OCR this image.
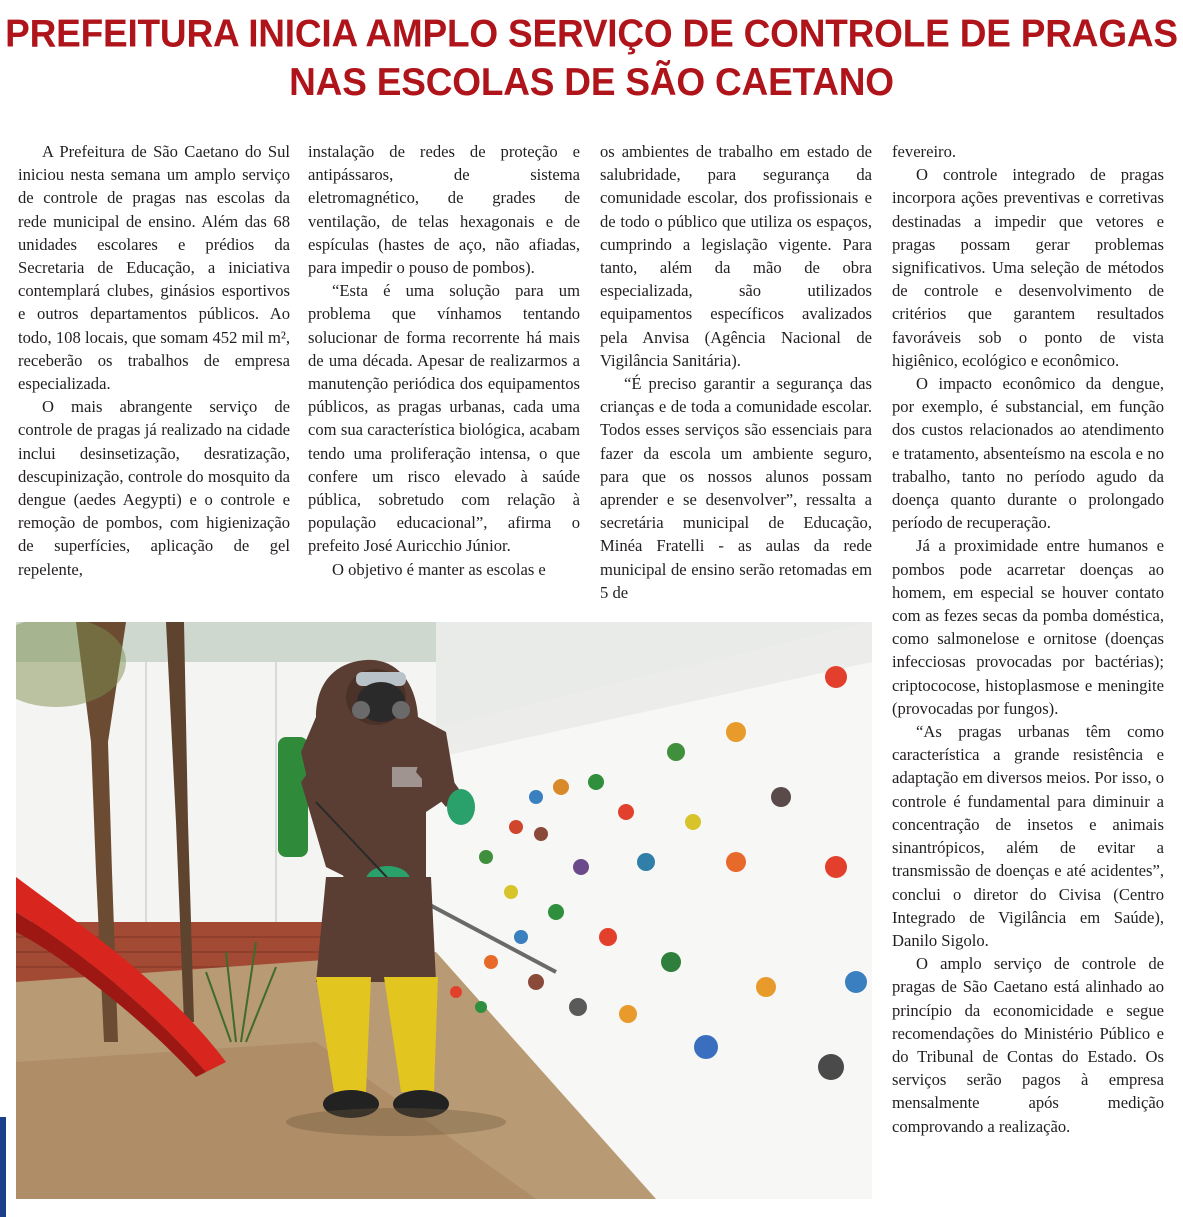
PREFEITURA INICIA AMPLO SERVIÇO DE CONTROLE DE PRAGAS
NAS ESCOLAS DE SÃO CAETANO

A Prefeitura de São Caetano do Sul iniciou nesta semana um amplo serviço de controle de pragas nas escolas da rede municipal de ensino. Além das 68 unidades escolares e prédios da Secretaria de Educação, a iniciativa contemplará clubes, ginásios esportivos e outros departamentos públicos. Ao todo, 108 locais, que somam 452 mil m², receberão os trabalhos de empresa especializada.

O mais abrangente serviço de controle de pragas já realizado na cidade inclui desinsetização, desratização, descupinização, controle do mosquito da dengue (aedes Aegypti) e o controle e remoção de pombos, com higienização de superfícies, aplicação de gel repelente,

instalação de redes de proteção e antipássaros, de sistema eletromagnético, de grades de ventilação, de telas hexagonais e de espículas (hastes de aço, não afiadas, para impedir o pouso de pombos).

“Esta é uma solução para um problema que vínhamos tentando solucionar de forma recorrente há mais de uma década. Apesar de realizarmos a manutenção periódica dos equipamentos públicos, as pragas urbanas, cada uma com sua característica biológica, acabam tendo uma proliferação intensa, o que confere um risco elevado à saúde pública, sobretudo com relação à população educacional”, afirma o prefeito José Auricchio Júnior.

O objetivo é manter as escolas e

os ambientes de trabalho em estado de salubridade, para segurança da comunidade escolar, dos profissionais e de todo o público que utiliza os espaços, cumprindo a legislação vigente. Para tanto, além da mão de obra especializada, são utilizados equipamentos específicos avalizados pela Anvisa (Agência Nacional de Vigilância Sanitária).

“É preciso garantir a segurança das crianças e de toda a comunidade escolar. Todos esses serviços são essenciais para fazer da escola um ambiente seguro, para que os nossos alunos possam aprender e se desenvolver”, ressalta a secretária municipal de Educação, Minéa Fratelli - as aulas da rede municipal de ensino serão retomadas em 5 de

fevereiro.

O controle integrado de pragas incorpora ações preventivas e corretivas destinadas a impedir que vetores e pragas possam gerar problemas significativos. Uma seleção de métodos de controle e desenvolvimento de critérios que garantem resultados favoráveis sob o ponto de vista higiênico, ecológico e econômico.

O impacto econômico da dengue, por exemplo, é substancial, em função dos custos relacionados ao atendimento e tratamento, absenteísmo na escola e no trabalho, tanto no período agudo da doença quanto durante o prolongado período de recuperação.

Já a proximidade entre humanos e pombos pode acarretar doenças ao homem, em especial se houver contato com as fezes secas da pomba doméstica, como salmonelose e ornitose (doenças infecciosas provocadas por bactérias); criptococose, histoplasmose e meningite (provocadas por fungos).

“As pragas urbanas têm como característica a grande resistência e adaptação em diversos meios. Por isso, o controle é fundamental para diminuir a concentração de insetos e animais sinantrópicos, além de evitar a transmissão de doenças e até acidentes”, conclui o diretor do Civisa (Centro Integrado de Vigilância em Saúde), Danilo Sigolo.

O amplo serviço de controle de pragas de São Caetano está alinhado ao princípio da economicidade e segue recomendações do Ministério Público e do Tribunal de Contas do Estado. Os serviços serão pagos à empresa mensalmente após medição comprovando a realização.
